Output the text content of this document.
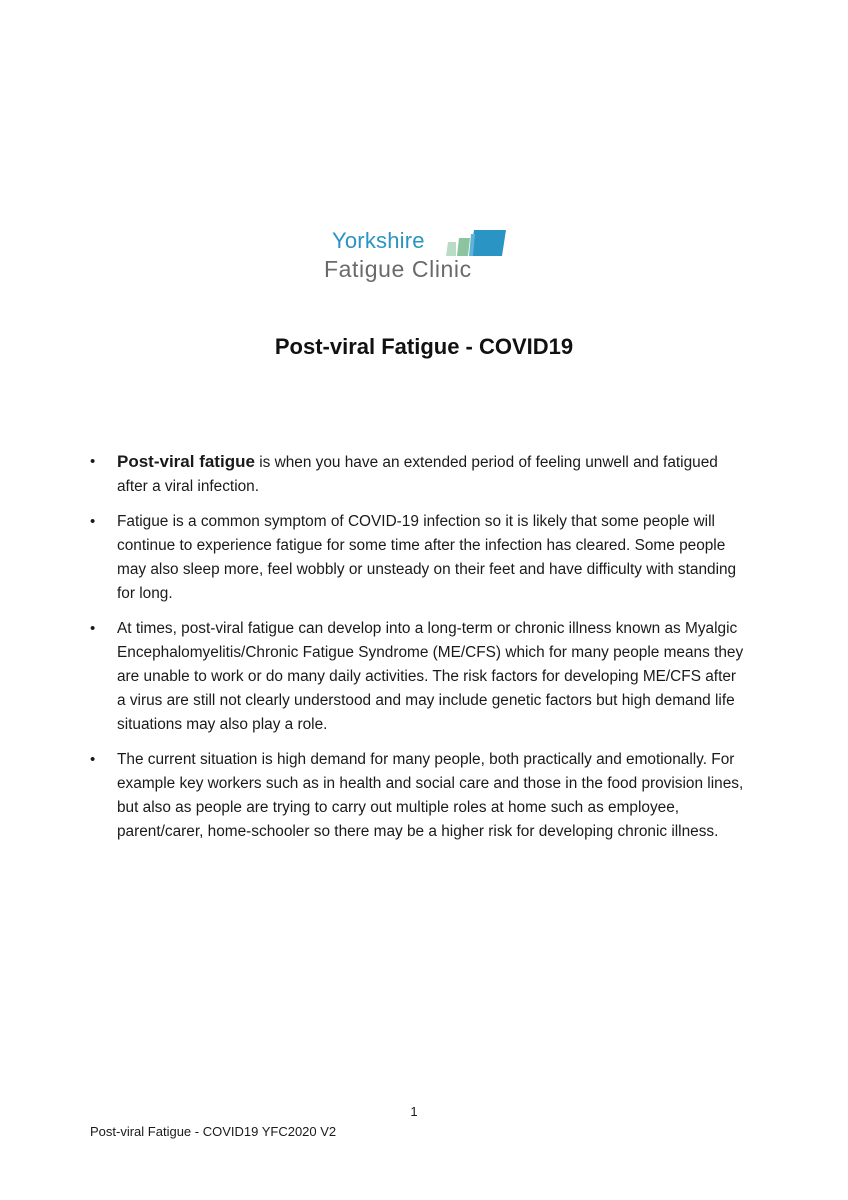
Yorkshire
Fatigue Clinic
Post-viral Fatigue - COVID19
• Post-viral fatigue is when you have an extended period of feeling unwell and fatigued after a viral infection.
• Fatigue is a common symptom of COVID-19 infection so it is likely that some people will continue to experience fatigue for some time after the infection has cleared. Some people may also sleep more, feel wobbly or unsteady on their feet and have difficulty with standing for long.
• At times, post-viral fatigue can develop into a long-term or chronic illness known as Myalgic Encephalomyelitis/Chronic Fatigue Syndrome (ME/CFS) which for many people means they are unable to work or do many daily activities. The risk factors for developing ME/CFS after a virus are still not clearly understood and may include genetic factors but high demand life situations may also play a role.
• The current situation is high demand for many people, both practically and emotionally. For example key workers such as in health and social care and those in the food provision lines, but also as people are trying to carry out multiple roles at home such as employee, parent/carer, home-schooler so there may be a higher risk for developing chronic illness.
1
Post-viral Fatigue - COVID19 YFC2020 V2
